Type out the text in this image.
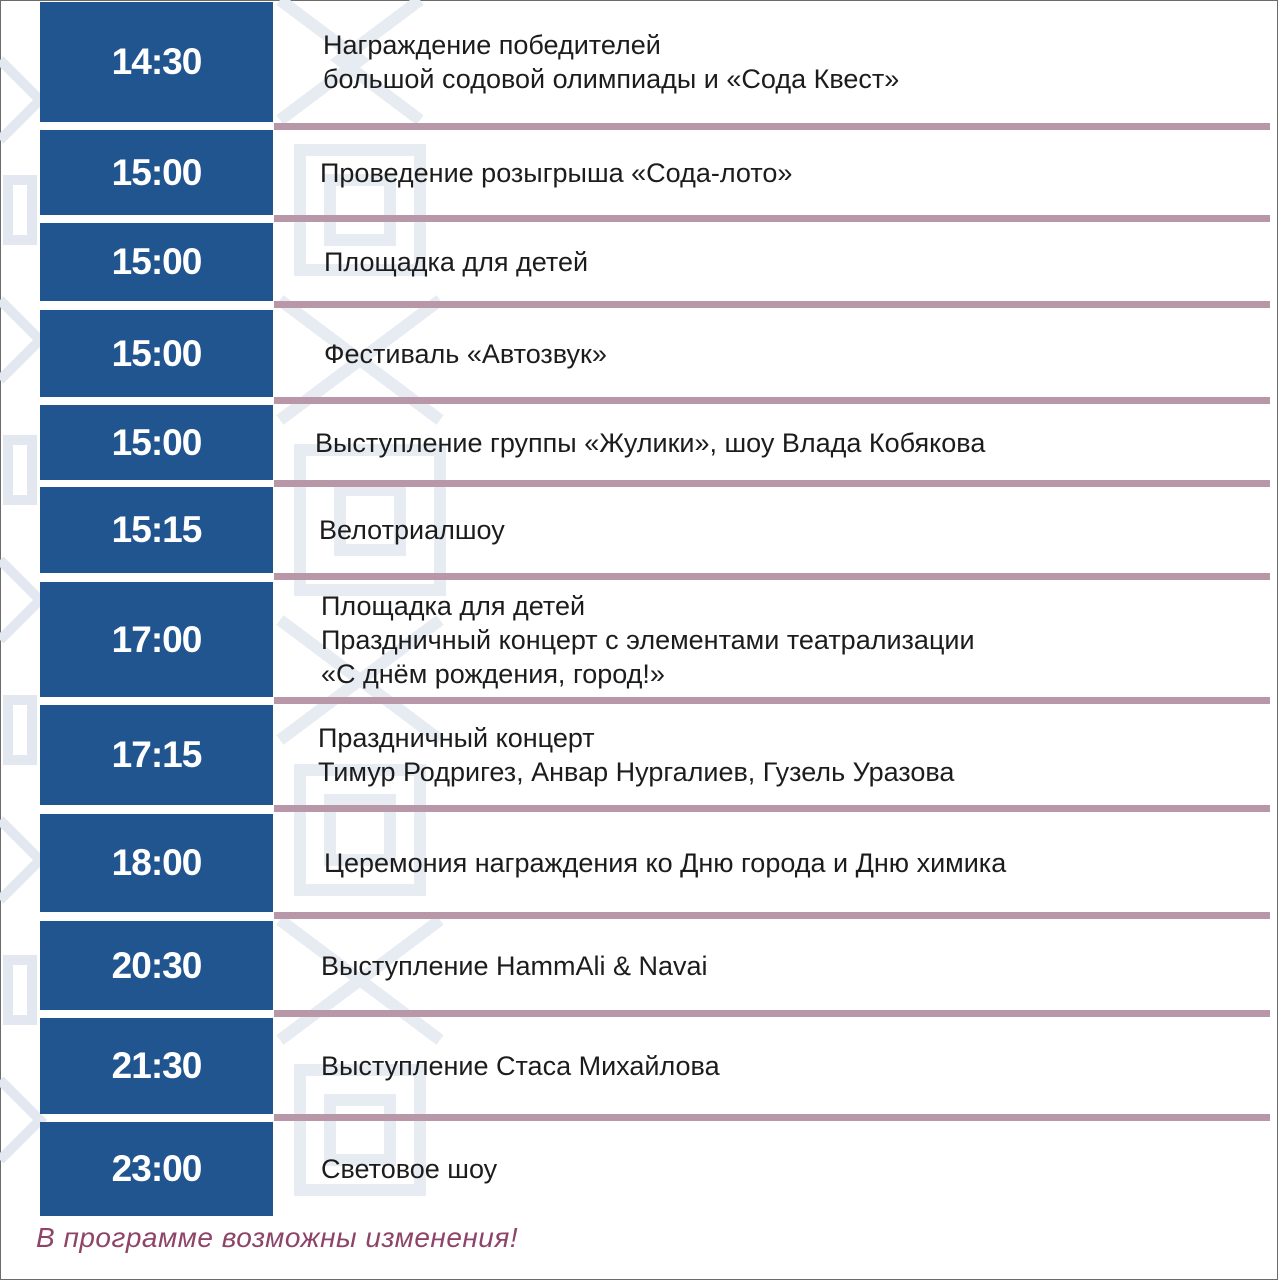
14:30	Награждение победителей
большой содовой олимпиады и «Сода Квест»
15:00	Проведение розыгрыша «Сода-лото»
15:00	Площадка для детей
15:00	Фестиваль «Автозвук»
15:00	Выступление группы «Жулики», шоу Влада Кобякова
15:15	Велотриалшоу
17:00
Площадка для детей
Праздничный концерт с элементами театрализации
«С днём рождения, город!»
17:15	Праздничный концерт
Тимур Родригез, Анвар Нургалиев, Гузель Уразова
18:00	Церемония награждения ко Дню города и Дню химика
20:30	Выступление HammAli & Navai
21:30	Выступление Стаса Михайлова
23:00	Световое шоу
В программе возможны изменения!
